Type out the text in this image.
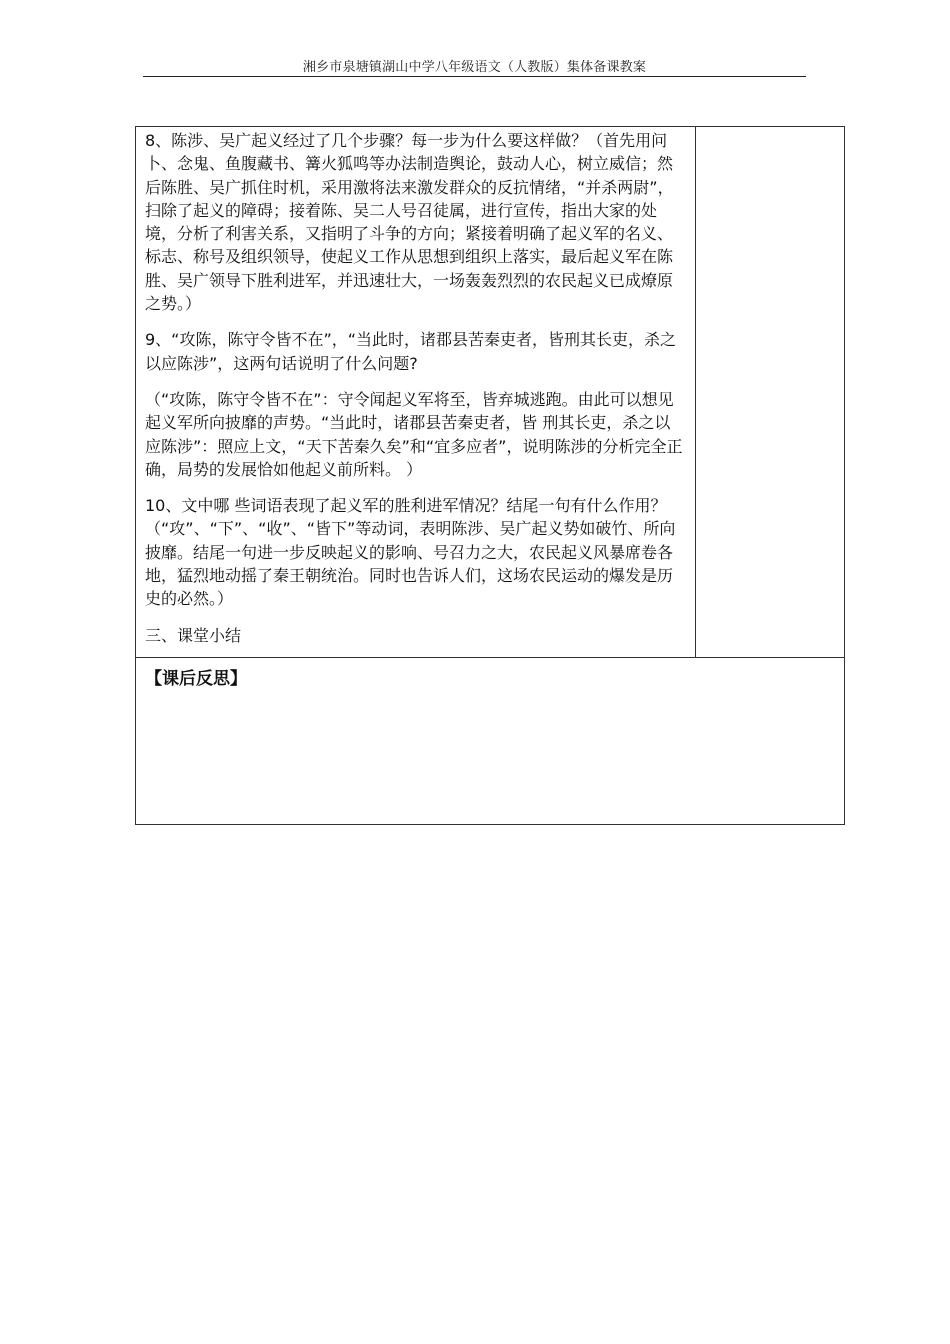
湘乡市泉塘镇湖山中学八年级语文（人教版）集体备课教案

8、陈涉、吴广起义经过了几个步骤？每一步为什么要这样做？（首先用问卜、念鬼、鱼腹藏书、篝火狐鸣等办法制造舆论，鼓动人心，树立威信；然后陈胜、吴广抓住时机，采用激将法来激发群众的反抗情绪，“并杀两尉”，扫除了起义的障碍；接着陈、吴二人号召徒属，进行宣传，指出大家的处境，分析了利害关系，又指明了斗争的方向；紧接着明确了起义军的名义、标志、称号及组织领导，使起义工作从思想到组织上落实，最后起义军在陈胜、吴广领导下胜利进军，并迅速壮大，一场轰轰烈烈的农民起义已成燎原之势。）

9、“攻陈，陈守令皆不在”，“当此时，诸郡县苦秦吏者，皆刑其长吏，杀之以应陈涉”，这两句话说明了什么问题?

（“攻陈，陈守令皆不在”：守令闻起义军将至，皆弃城逃跑。由此可以想见起义军所向披靡的声势。“当此时，诸郡县苦秦吏者，皆 刑其长吏，杀之以应陈涉”：照应上文，“天下苦秦久矣”和“宜多应者”，说明陈涉的分析完全正确，局势的发展恰如他起义前所料。 ）

10、文中哪 些词语表现了起义军的胜利进军情况？结尾一句有什么作用？（“攻”、“下”、“收”、“皆下”等动词，表明陈涉、吴广起义势如破竹、所向披靡。结尾一句进一步反映起义的影响、号召力之大，农民起义风暴席卷各地，猛烈地动摇了秦王朝统治。同时也告诉人们，这场农民运动的爆发是历史的必然。）

三、课堂小结

【课后反思】
